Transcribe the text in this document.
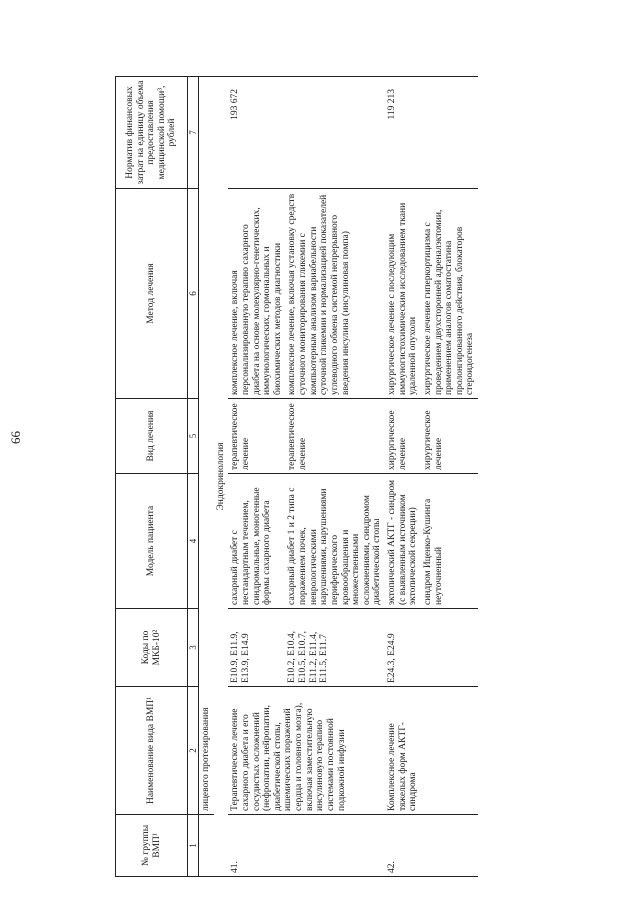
66
№ группы ВМП¹	Наименование вида ВМП¹	Коды по МКБ-10²	Модель пациента	Вид лечения	Метод лечения	Норматив финансовых затрат на единицу объема предоставления медицинской помощи³, рублей
1	2	3	4	5	6	7
	лицевого протезирования					
Эндокринология						
41.	Терапевтическое лечение сахарного диабета и его сосудистых осложнений (нефропатии, нейропатии, диабетической стопы, ишемических поражений сердца и головного мозга), включая заместительную инсулиновую терапию системами постоянной подкожной инфузии	E10.9, E11.9, E13.9, E14.9	сахарный диабет с нестандартным течением, синдромальные, моногенные формы сахарного диабета	терапевтическое лечение	комплексное лечение, включая персонализированную терапию сахарного диабета на основе молекулярно-генетических, иммунологических, гормональных и биохимических методов диагностики	193 672
		E10.2, E10.4, E10.5, E10.7, E11.2, E11.4, E11.5, E11.7	сахарный диабет 1 и 2 типа с поражением почек, неврологическими нарушениями, нарушениями периферического кровообращения и множественными осложнениями, синдромом диабетической стопы	терапевтическое лечение	комплексное лечение, включая установку средств суточного мониторирования гликемии с компьютерным анализом вариабельности суточной гликемии и нормализацией показателей углеводного обмена системой непрерывного введения инсулина (инсулиновая помпа)	
42.	Комплексное лечение тяжелых форм АКТГ-синдрома	E24.3, E24.9	эктопический АКТГ - синдром (с выявленным источником эктопической секреции)	хирургическое лечение	хирургическое лечение с последующим иммуногистохимическим исследованием ткани удаленной опухоли	119 213
			синдром Иценко-Кушинга неуточненный	хирургическое лечение	хирургическое лечение гиперкортицизма с проведением двухсторонней адреналэктомии, применением аналогов соматостатина пролонгированного действия, блокаторов стероидогенеза	
